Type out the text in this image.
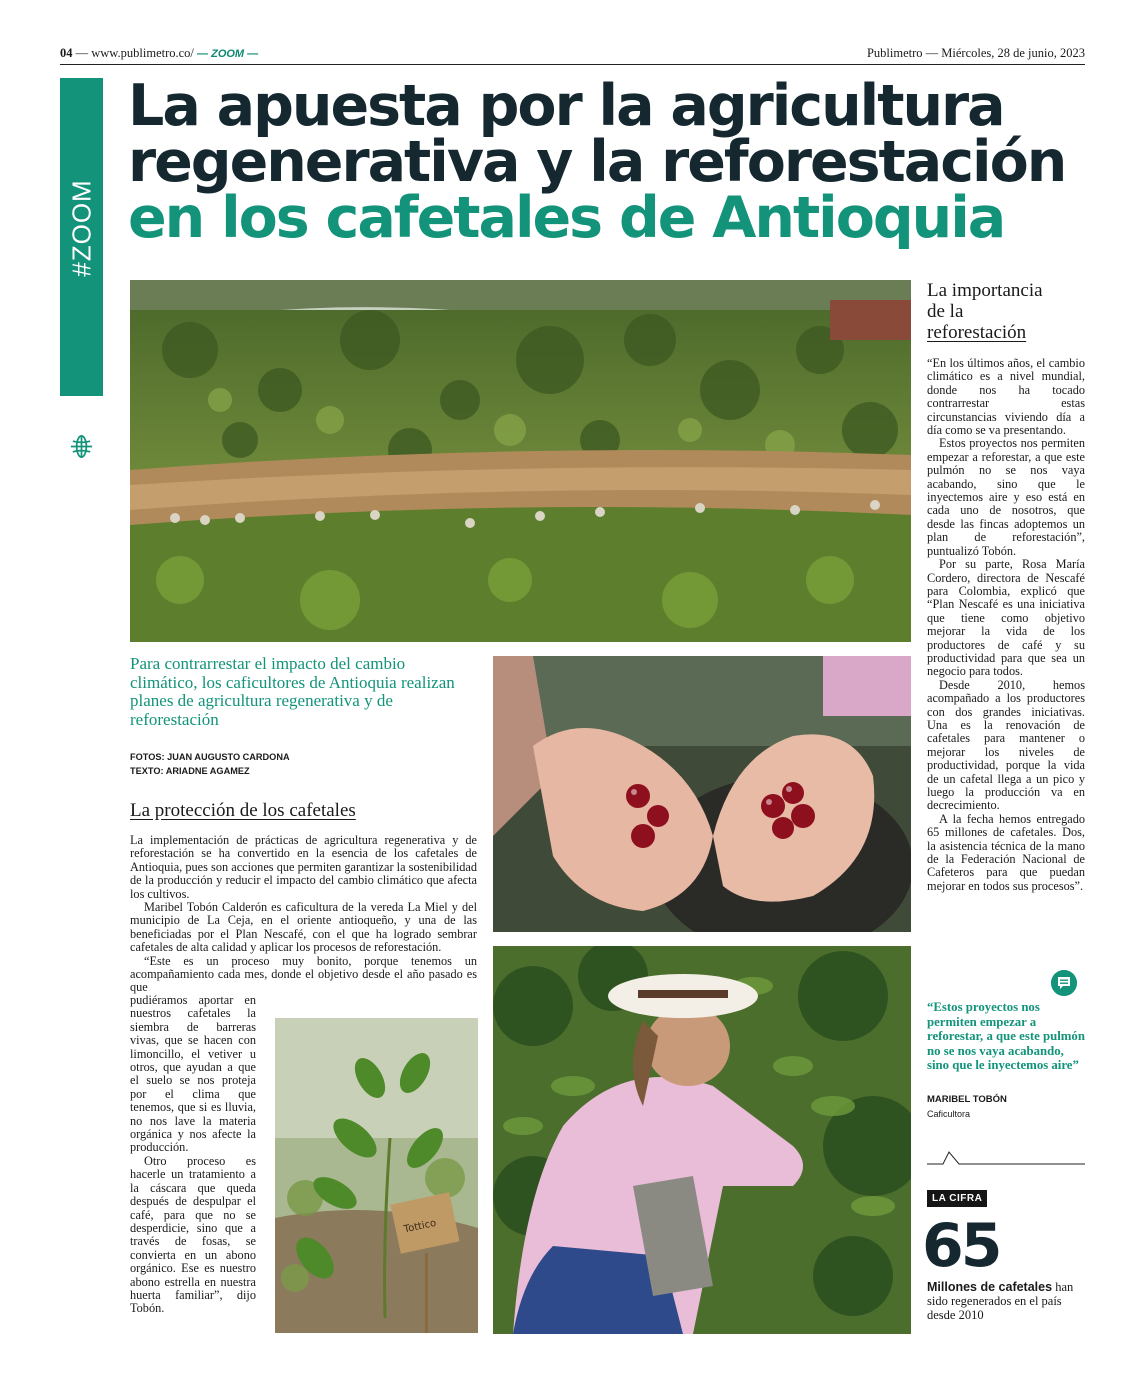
04 — www.publimetro.co/ — ZOOM —	Publimetro — Miércoles, 28 de junio, 2023
#ZOOM
La apuesta por la agricultura
regenerativa y la reforestación
en los cafetales de Antioquia
Para contrarrestar el impacto del cambio climático, los caficultores de Antioquia realizan planes de agricultura regenerativa y de reforestación
FOTOS: JUAN AUGUSTO CARDONA
TEXTO: ARIADNE AGAMEZ
La protección de los cafetales

La implementación de prácticas de agricultura regenerativa y de reforestación se ha convertido en la esencia de los cafetales de Antioquia, pues son acciones que permiten garantizar la sostenibilidad de la producción y reducir el impacto del cambio climático que afecta los cultivos.

Maribel Tobón Calderón es caficultura de la vereda La Miel y del municipio de La Ceja, en el oriente antioqueño, y una de las beneficiadas por el Plan Nescafé, con el que ha logrado sembrar cafetales de alta calidad y aplicar los procesos de reforestación.

“Este es un proceso muy bonito, porque tenemos un acompañamiento cada mes, donde el objetivo desde el año pasado es que

pudiéramos aportar en nuestros cafetales la siembra de barreras vivas, que se hacen con limoncillo, el vetiver u otros, que ayudan a que el suelo se nos proteja por el clima que tenemos, que si es lluvia, no nos lave la materia orgánica y nos afecte la producción.

Otro proceso es hacerle un tratamiento a la cáscara que queda después de despulpar el café, para que no se desperdicie, sino que a través de fosas, se convierta en un abono orgánico. Ese es nuestro abono estrella en nuestra huerta familiar”, dijo Tobón.

Tottico
La importancia
de la
reforestación

“En los últimos años, el cambio climático es a nivel mundial, donde nos ha tocado contrarrestar estas circunstancias viviendo día a día como se va presentando.

Estos proyectos nos permiten empezar a reforestar, a que este pulmón no se nos vaya acabando, sino que le inyectemos aire y eso está en cada uno de nosotros, que desde las fincas adoptemos un plan de reforestación”, puntualizó Tobón.

Por su parte, Rosa María Cordero, directora de Nescafé para Colombia, explicó que “Plan Nescafé es una iniciativa que tiene como objetivo mejorar la vida de los productores de café y su productividad para que sea un negocio para todos.

Desde 2010, hemos acompañado a los productores con dos grandes iniciativas. Una es la renovación de cafetales para mantener o mejorar los niveles de productividad, porque la vida de un cafetal llega a un pico y luego la producción va en decrecimiento.

A la fecha hemos entregado 65 millones de cafetales. Dos, la asistencia técnica de la mano de la Federación Nacional de Cafeteros para que puedan mejorar en todos sus procesos”.

“Estos proyectos nos permiten empezar a reforestar, a que este pulmón no se nos vaya acabando, sino que le inyectemos aire”
MARIBEL TOBÓN
Caficultora
LA CIFRA
65
Millones de cafetales han sido regenerados en el país desde 2010
